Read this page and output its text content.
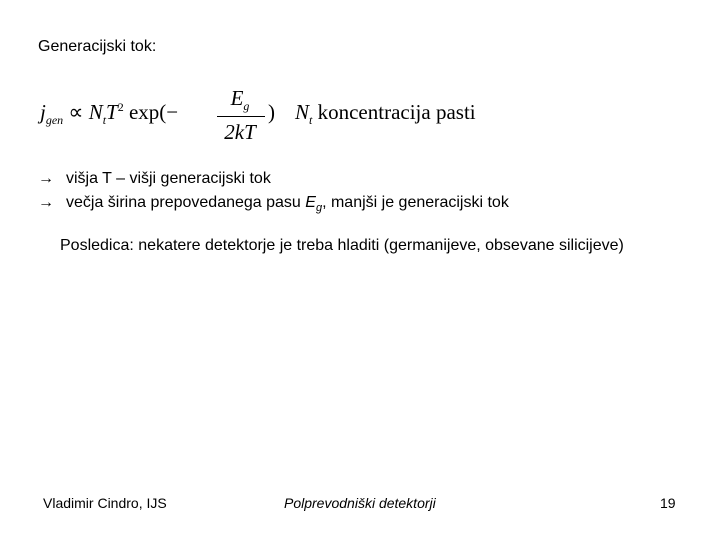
Generacijski tok:
$j_{gen} \propto N_tT^2$ exp(−
$E_g$
2kT
) $N_t$ koncentracija pasti
→ višja T – višji generacijski tok
→ večja širina prepovedanega pasu $E_g$, manjši je generacijski tok
Posledica: nekatere detektorje je treba hladiti (germanijeve, obsevane silicijeve)
Vladimir Cindro, IJS	Polprevodniški detektorji	19
